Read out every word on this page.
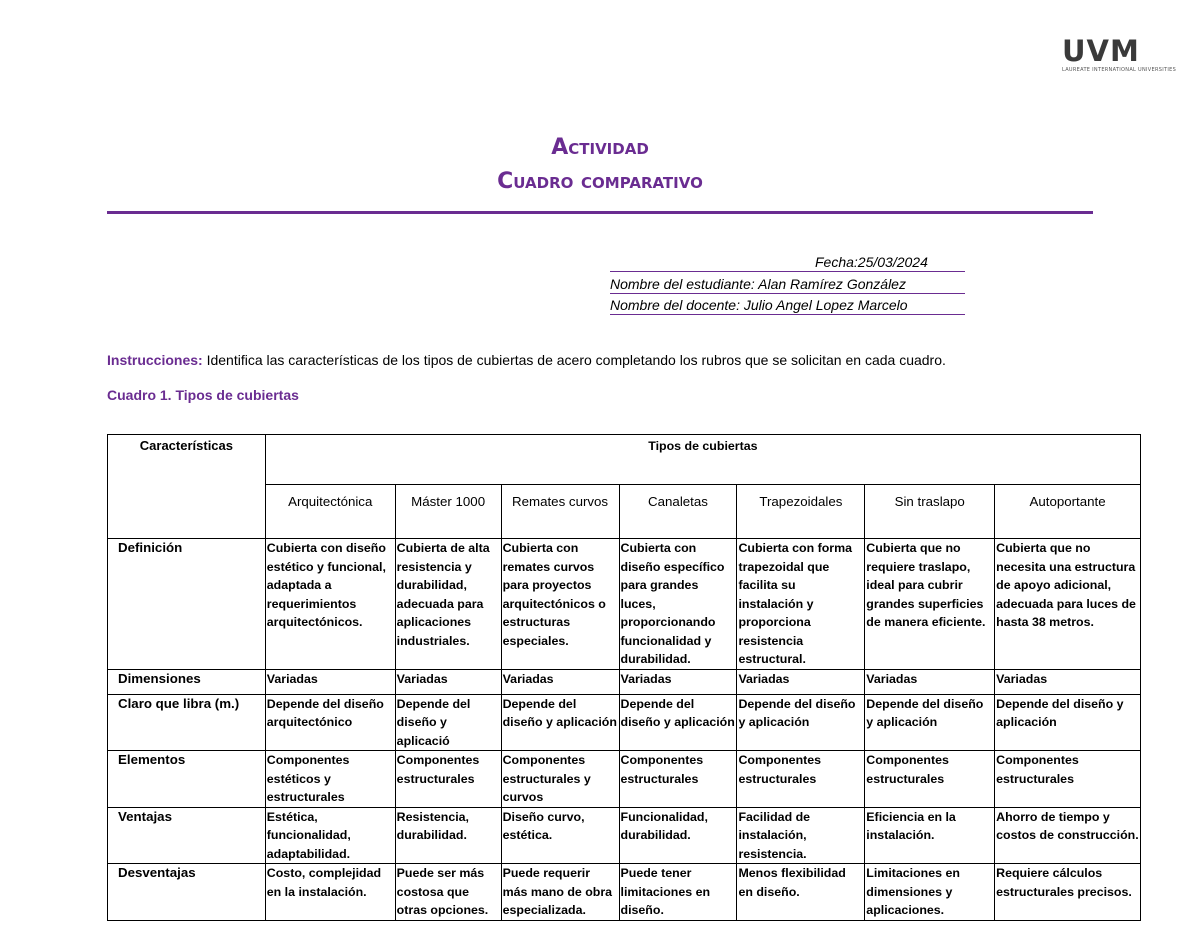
UVM
LAUREATE INTERNATIONAL UNIVERSITIES
Actividad
Cuadro comparativo
Fecha:25/03/2024
Nombre del estudiante: Alan Ramírez González
Nombre del docente: Julio Angel Lopez Marcelo
Instrucciones: Identifica las características de los tipos de cubiertas de acero completando los rubros que se solicitan en cada cuadro.
Cuadro 1. Tipos de cubiertas
Características	Tipos de cubiertas						
	Arquitectónica	Máster 1000	Remates curvos	Canaletas	Trapezoidales	Sin traslapo	Autoportante
Definición	Cubierta con diseño estético y funcional, adaptada a requerimientos arquitectónicos.	Cubierta de alta resistencia y durabilidad, adecuada para aplicaciones industriales.	Cubierta con remates curvos para proyectos arquitectónicos o estructuras especiales.	Cubierta con diseño específico para grandes luces, proporcionando funcionalidad y durabilidad.	Cubierta con forma trapezoidal que facilita su instalación y proporciona resistencia estructural.	Cubierta que no requiere traslapo, ideal para cubrir grandes superficies de manera eficiente.	Cubierta que no necesita una estructura de apoyo adicional, adecuada para luces de hasta 38 metros.
Dimensiones	Variadas	Variadas	Variadas	Variadas	Variadas	Variadas	Variadas
Claro que libra (m.)	Depende del diseño arquitectónico	Depende del diseño y aplicació	Depende del diseño y aplicación	Depende del diseño y aplicación	Depende del diseño y aplicación	Depende del diseño y aplicación	Depende del diseño y aplicación
Elementos	Componentes estéticos y estructurales	Componentes estructurales	Componentes estructurales y curvos	Componentes estructurales	Componentes estructurales	Componentes estructurales	Componentes estructurales
Ventajas	Estética, funcionalidad, adaptabilidad.	Resistencia, durabilidad.	Diseño curvo, estética.	Funcionalidad, durabilidad.	Facilidad de instalación, resistencia.	Eficiencia en la instalación.	Ahorro de tiempo y costos de construcción.
Desventajas	Costo, complejidad en la instalación.	Puede ser más costosa que otras opciones.	Puede requerir más mano de obra especializada.	Puede tener limitaciones en diseño.	Menos flexibilidad en diseño.	Limitaciones en dimensiones y aplicaciones.	Requiere cálculos estructurales precisos.
